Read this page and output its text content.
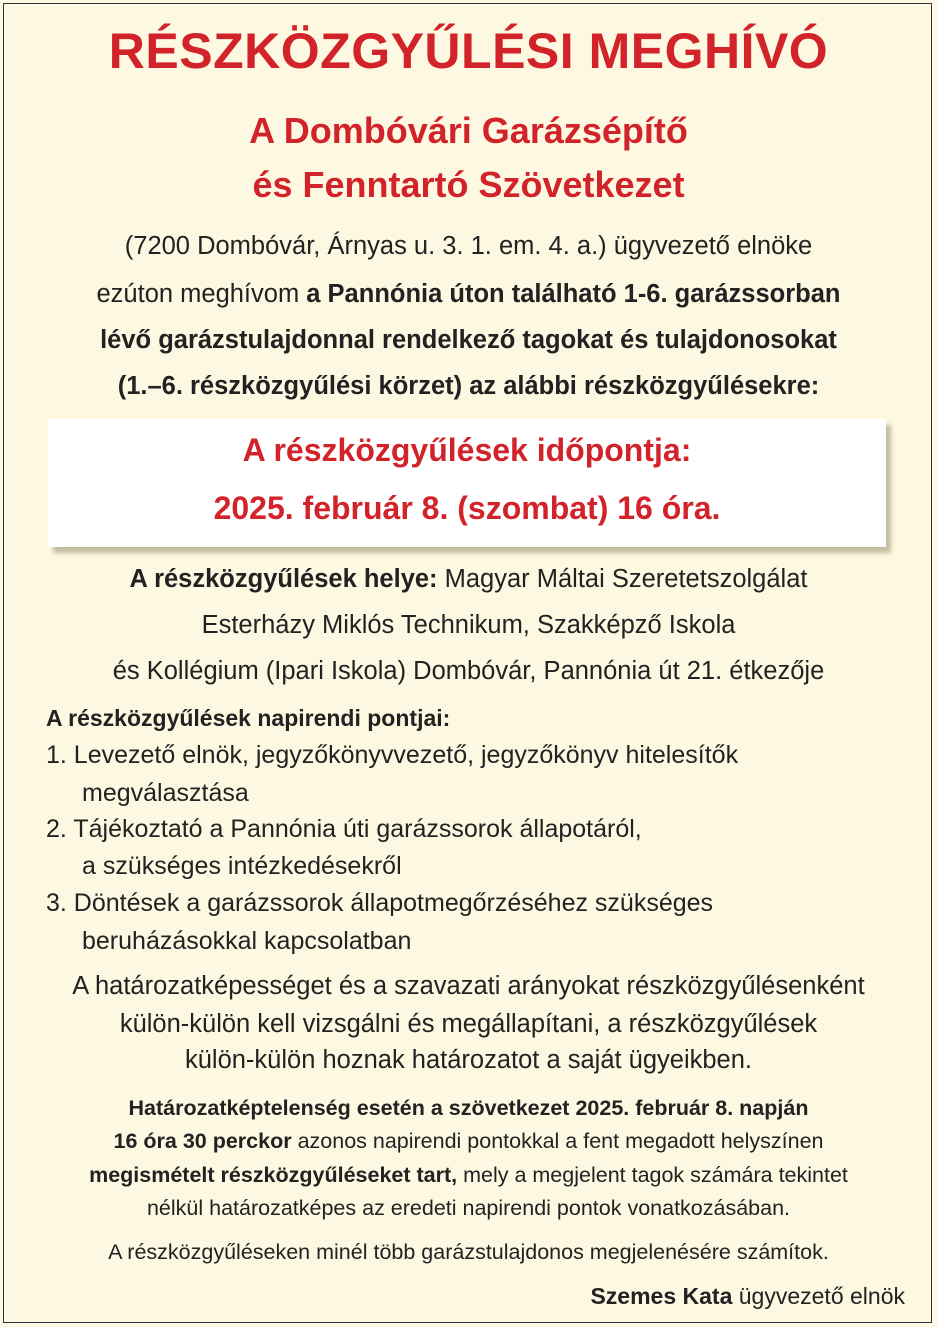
RÉSZKÖZGYŰLÉSI MEGHÍVÓ
A Dombóvári Garázsépítő
és Fenntartó Szövetkezet
(7200 Dombóvár, Árnyas u. 3. 1. em. 4. a.) ügyvezető elnöke
ezúton meghívom a Pannónia úton található 1-6. garázssorban
lévő garázstulajdonnal rendelkező tagokat és tulajdonosokat
(1.–6. részközgyűlési körzet) az alábbi részközgyűlésekre:
A részközgyűlések időpontja:
2025. február 8. (szombat) 16 óra.
A részközgyűlések helye: Magyar Máltai Szeretetszolgálat
Esterházy Miklós Technikum, Szakképző Iskola
és Kollégium (Ipari Iskola) Dombóvár, Pannónia út 21. étkezője
A részközgyűlések napirendi pontjai:
1. Levezető elnök, jegyzőkönyvvezető, jegyzőkönyv hitelesítők
megválasztása
2. Tájékoztató a Pannónia úti garázssorok állapotáról,
a szükséges intézkedésekről
3. Döntések a garázssorok állapotmegőrzéséhez szükséges
beruházásokkal kapcsolatban
A határozatképességet és a szavazati arányokat részközgyűlésenként
külön-külön kell vizsgálni és megállapítani, a részközgyűlések
külön-külön hoznak határozatot a saját ügyeikben.
Határozatképtelenség esetén a szövetkezet 2025. február 8. napján
16 óra 30 perckor azonos napirendi pontokkal a fent megadott helyszínen
megismételt részközgyűléseket tart, mely a megjelent tagok számára tekintet
nélkül határozatképes az eredeti napirendi pontok vonatkozásában.
A részközgyűléseken minél több garázstulajdonos megjelenésére számítok.
Szemes Kata ügyvezető elnök
